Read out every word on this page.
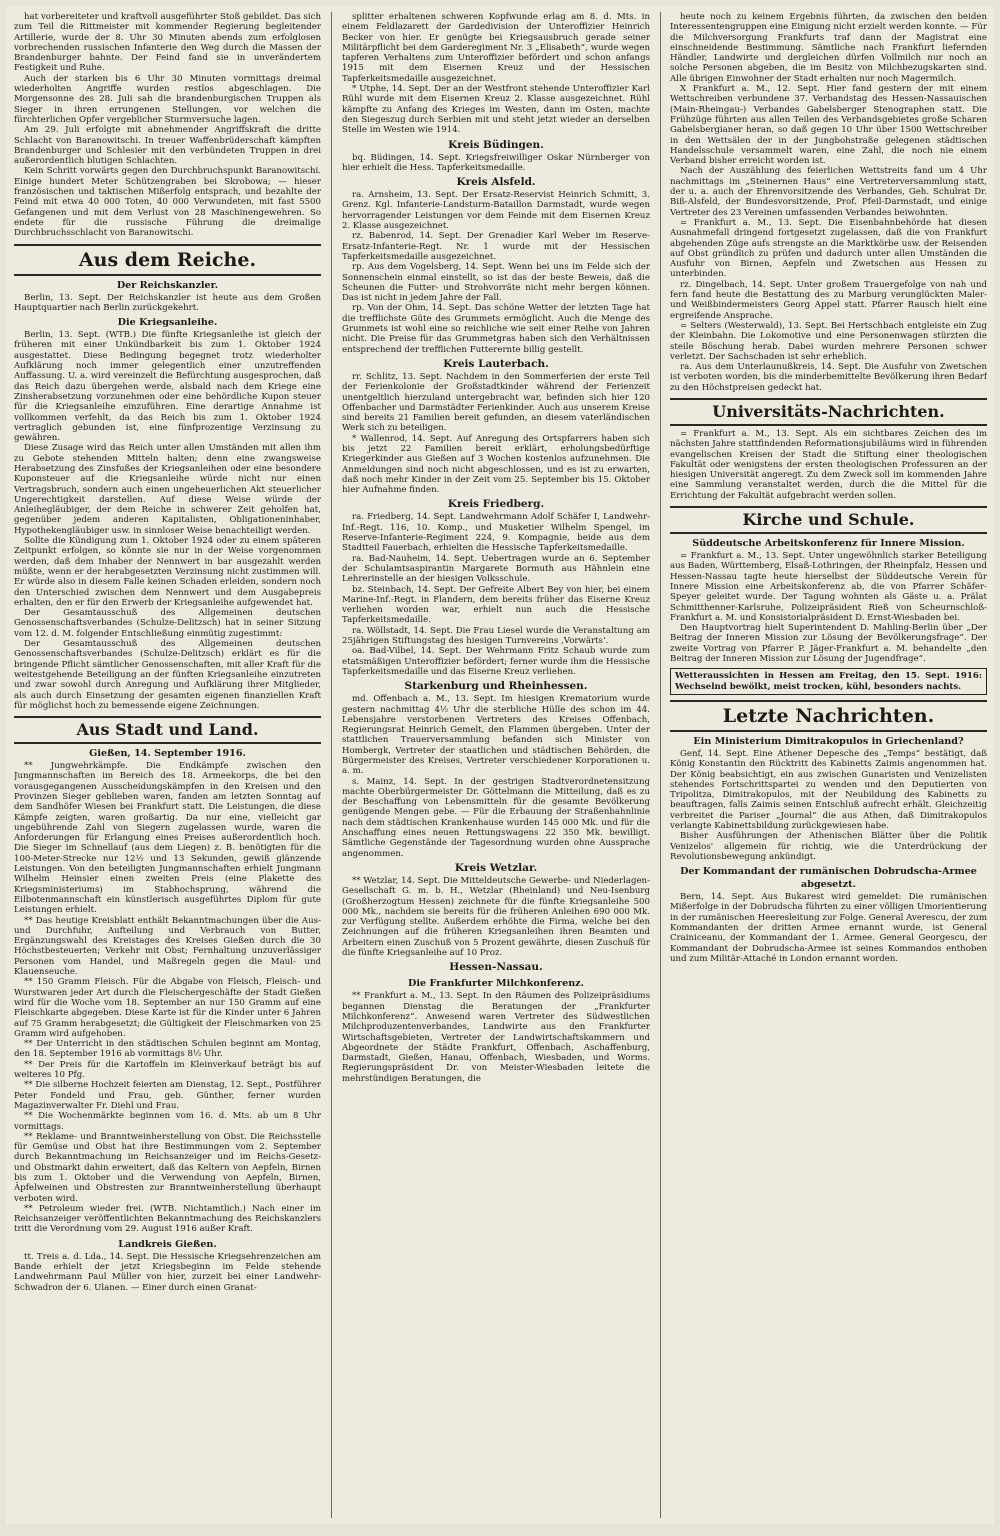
hat vorbereiteter und kraftvoll ausgeführter Stoß gebildet. Das sich zum Teil die Rittmeister mit kommender Regierung begleitender Artillerie, wurde der 8. Uhr 30 Minuten abends zum erfolglosen vorbrechenden russischen Infanterie den Weg durch die Massen der Brandenburger bahnte. Der Feind fand sie in unverändertem Festigkeit und Ruhe.

Auch der starken bis 6 Uhr 30 Minuten vormittags dreimal wiederholten Angriffe wurden restlos abgeschlagen. Die Morgensonne des 28. Juli sah die brandenburgischen Truppen als Sieger in ihren errungenen Stellungen, vor welchen die fürchterlichen Opfer vergeblicher Sturmversuche lagen.

Am 29. Juli erfolgte mit abnehmender Angriffskraft die dritte Schlacht von Baranowitschi. In treuer Waffenbrüderschaft kämpften Brandenburger und Schlesier mit den verbündeten Truppen in drei außerordentlich blutigen Schlachten.

Kein Schritt vorwärts gegen den Durchbruchspunkt Baranowitschi. Einige hundert Meter Schützengraben bei Skrobowa; — hieser französischen und taktischen Mißerfolg entsprach, und bezahlte der Feind mit etwa 40 000 Toten, 40 000 Verwundeten, mit fast 5500 Gefangenen und mit dem Verlust von 28 Maschinengewehren. So endete für die russische Führung die dreimalige Durchbruchsschlacht von Baranowitschi.

Aus dem Reiche.
Der Reichskanzler.

Berlin, 13. Sept. Der Reichskanzler ist heute aus dem Großen Hauptquartier nach Berlin zurückgekehrt.

Die Kriegsanleihe.

Berlin, 13. Sept. (WTB.) Die fünfte Kriegsanleihe ist gleich der früheren mit einer Unkündbarkeit bis zum 1. Oktober 1924 ausgestattet. Diese Bedingung begegnet trotz wiederholter Aufklärung noch immer gelegentlich einer unzutreffenden Auffassung. U. a. wird vereinzelt die Befürchtung ausgesprochen, daß das Reich dazu übergehen werde, alsbald nach dem Kriege eine Zinsherabsetzung vorzunehmen oder eine behördliche Kupon steuer für die Kriegsanleihe einzuführen. Eine derartige Annahme ist vollkommen verfehlt, da das Reich bis zum 1. Oktober 1924 vertraglich gebunden ist, eine fünfprozentige Verzinsung zu gewähren.

Diese Zusage wird das Reich unter allen Umständen mit allen ihm zu Gebote stehenden Mitteln halten; denn eine zwangsweise Herabsetzung des Zinsfußes der Kriegsanleihen oder eine besondere Kuponsteuer auf die Kriegsanleihe würde nicht nur einen Vertragsbruch, sondern auch einen ungeheuerlichen Akt steuerlicher Ungerechtigkeit darstellen. Auf diese Weise würde der Anleihegläubiger, der dem Reiche in schwerer Zeit geholfen hat, gegenüber jedem anderen Kapitalisten, Obligationeninhaber, Hypothekengläubiger usw. in sinnloser Weise benachteiligt werden.

Sollte die Kündigung zum 1. Oktober 1924 oder zu einem späteren Zeitpunkt erfolgen, so könnte sie nur in der Weise vorgenommen werden, daß dem Inhaber der Nennwert in bar ausgezahlt werden müßte, wenn er der herabgesetzten Verzinsung nicht zustimmen will. Er würde also in diesem Falle keinen Schaden erleiden, sondern noch den Unterschied zwischen dem Nennwert und dem Ausgabepreis erhalten, den er für den Erwerb der Kriegsanleihe aufgewendet hat.

Der Gesamtausschuß des Allgemeinen deutschen Genossenschaftsverbandes (Schulze-Delitzsch) hat in seiner Sitzung vom 12. d. M. folgender Entschließung einmütig zugestimmt:

Der Gesamtausschuß des Allgemeinen deutschen Genossenschaftsverbandes (Schulze-Delitzsch) erklärt es für die bringende Pflicht sämtlicher Genossenschaften, mit aller Kraft für die weitestgehende Beteiligung an der fünften Kriegsanleihe einzutreten und zwar sowohl durch Anregung und Aufklärung ihrer Mitglieder, als auch durch Einsetzung der gesamten eigenen finanziellen Kraft für möglichst hoch zu bemessende eigene Zeichnungen.

Aus Stadt und Land.
Gießen, 14. September 1916.

** Jungwehrkämpfe. Die Endkämpfe zwischen den Jungmannschaften im Bereich des 18. Armeekorps, die bei den vorausgegangenen Ausscheidungskämpfen in den Kreisen und den Provinzen Sieger geblieben waren, fanden am letzten Sonntag auf dem Sandhöfer Wiesen bei Frankfurt statt. Die Leistungen, die diese Kämpfe zeigten, waren großartig. Da nur eine, vielleicht gar ungebührende Zahl von Siegern zugelassen wurde, waren die Anforderungen für Erlangung eines Preises außerordentlich hoch. Die Sieger im Schnellauf (aus dem Liegen) z. B. benötigten für die 100-Meter-Strecke nur 12½ und 13 Sekunden, gewiß glänzende Leistungen. Von den beteiligten Jungmannschaften erhielt Jungmann Wilhelm Heinsier einen zweiten Preis (eine Plakette des Kriegsministeriums) im Stabhochsprung, während die Eilbotenmannschaft ein künstlerisch ausgeführtes Diplom für gute Leistungen erhielt.

** Das heutige Kreisblatt enthält Bekanntmachungen über die Aus- und Durchfuhr, Aufteilung und Verbrauch von Butter, Ergänzungswahl des Kreistages des Kreises Gießen durch die 30 Höchstbesteuerten; Verkehr mit Obst; Fernhaltung unzuverlässiger Personen vom Handel, und Maßregeln gegen die Maul- und Klauenseuche.

** 150 Gramm Fleisch. Für die Abgabe von Fleisch, Fleisch- und Wurstwaren jeder Art durch die Fleischergeschäfte der Stadt Gießen wird für die Woche vom 18. September an nur 150 Gramm auf eine Fleischkarte abgegeben. Diese Karte ist für die Kinder unter 6 Jahren auf 75 Gramm herabgesetzt; die Gültigkeit der Fleischmarken von 25 Gramm wird aufgehoben.

** Der Unterricht in den städtischen Schulen beginnt am Montag, den 18. September 1916 ab vormittags 8½ Uhr.

** Der Preis für die Kartoffeln im Kleinverkauf beträgt bis auf weiteres 10 Pfg.

** Die silberne Hochzeit feierten am Dienstag, 12. Sept., Postführer Peter Fondeld und Frau, geb. Günther, ferner wurden Magazinverwalter Fr. Diehl und Frau.

** Die Wochenmärkte beginnen vom 16. d. Mts. ab um 8 Uhr vormittags.

** Reklame- und Branntweinherstellung von Obst. Die Reichsstelle für Gemüse und Obst hat ihre Bestimmungen vom 2. September durch Bekanntmachung im Reichsanzeiger und im Reichs-Gesetz- und Obstmarkt dahin erweitert, daß das Keltern von Aepfeln, Birnen bis zum 1. Oktober und die Verwendung von Aepfeln, Birnen, Äpfelweinen und Obstresten zur Branntweinherstellung überhaupt verboten wird.

** Petroleum wieder frei. (WTB. Nichtamtlich.) Nach einer im Reichsanzeiger veröffentlichten Bekanntmachung des Reichskanzlers tritt die Verordnung vom 29. August 1916 außer Kraft.

Landkreis Gießen.

tt. Treis a. d. Lda., 14. Sept. Die Hessische Kriegsehrenzeichen am Bande erhielt der jetzt Kriegsbeginn im Felde stehende Landwehrmann Paul Müller von hier, zurzeit bei einer Landwehr-Schwadron der 6. Ulanen. — Einer durch einen Granat-

splitter erhaltenen schweren Kopfwunde erlag am 8. d. Mts. in einem Feldlazarett der Gardedivision der Unteroffizier Heinrich Becker von hier. Er genügte bei Kriegsausbruch gerade seiner Militärpflicht bei dem Garderegiment Nr. 3 „Elisabeth“, wurde wegen tapferen Verhaltens zum Unteroffizier befördert und schon anfangs 1915 mit dem Eisernen Kreuz und der Hessischen Tapferkeitsmedaille ausgezeichnet.

* Utphe, 14. Sept. Der an der Westfront stehende Unteroffizier Karl Rühl wurde mit dem Eisernen Kreuz 2. Klasse ausgezeichnet. Rühl kämpfte zu Anfang des Krieges im Westen, dann im Osten, machte den Siegeszug durch Serbien mit und steht jetzt wieder an derselben Stelle im Westen wie 1914.

Kreis Büdingen.

bq. Büdingen, 14. Sept. Kriegsfreiwilliger Oskar Nürnberger von hier erhielt die Hess. Tapferkeitsmedaille.

Kreis Alsfeld.

ra. Arnsheim, 13. Sept. Der Ersatz-Reservist Heinrich Schmitt, 3. Grenz. Kgl. Infanterie-Landsturm-Bataillon Darmstadt, wurde wegen hervorragender Leistungen vor dem Feinde mit dem Eisernen Kreuz 2. Klasse ausgezeichnet.

rz. Babenrod, 14. Sept. Der Grenadier Karl Weber im Reserve-Ersatz-Infanterie-Regt. Nr. 1 wurde mit der Hessischen Tapferkeitsmedaille ausgezeichnet.

rp. Aus dem Vogelsberg, 14. Sept. Wenn bei uns im Felde sich der Sonnenschein einmal einstellt, so ist das der beste Beweis, daß die Scheunen die Futter- und Strohvorräte nicht mehr bergen können. Das ist nicht in jedem Jahre der Fall.

rp. Von der Ohm, 14. Sept. Das schöne Wetter der letzten Tage hat die trefflichste Güte des Grummets ermöglicht. Auch die Menge des Grummets ist wohl eine so reichliche wie seit einer Reihe von Jahren nicht. Die Preise für das Grummetgras haben sich den Verhältnissen entsprechend der trefflichen Futterernte billig gestellt.

Kreis Lauterbach.

rr. Schlitz, 13. Sept. Nachdem in den Sommerferien der erste Teil der Ferienkolonie der Großstadtkinder während der Ferienzeit unentgeltlich hierzuland untergebracht war, befinden sich hier 120 Offenbacher und Darmstädter Ferienkinder. Auch aus unserem Kreise sind bereits 21 Familien bereit gefunden, an diesem vaterländischen Werk sich zu beteiligen.

* Wallenrod, 14. Sept. Auf Anregung des Ortspfarrers haben sich bis jetzt 22 Familien bereit erklärt, erholungsbedürftige Kriegerkinder aus Gießen auf 3 Wochen kostenlos aufzunehmen. Die Anmeldungen sind noch nicht abgeschlossen, und es ist zu erwarten, daß noch mehr Kinder in der Zeit vom 25. September bis 15. Oktober hier Aufnahme finden.

Kreis Friedberg.

ra. Friedberg, 14. Sept. Landwehrmann Adolf Schäfer I, Landwehr-Inf.-Regt. 116, 10. Komp., und Musketier Wilhelm Spengel, im Reserve-Infanterie-Regiment 224, 9. Kompagnie, beide aus dem Stadtteil Fauerbach, erhielten die Hessische Tapferkeitsmedaille.

ra. Bad-Nauheim, 14. Sept. Uebertragen wurde an 6. September der Schulamtsaspirantin Margarete Bormuth aus Hähnlein eine Lehrerinstelle an der hiesigen Volksschule.

bz. Steinbach, 14. Sept. Der Gefreite Albert Bey von hier, bei einem Marine-Inf.-Regt. in Flandern, dem bereits früher das Eiserne Kreuz verliehen worden war, erhielt nun auch die Hessische Tapferkeitsmedaille.

ra. Wöllstadt, 14. Sept. Die Frau Liesel wurde die Veranstaltung am 25jährigen Stiftungstag des hiesigen Turnvereins ‚Vorwärts‘.

oa. Bad-Vilbel, 14. Sept. Der Wehrmann Fritz Schaub wurde zum etatsmäßigen Unteroffizier befördert; ferner wurde ihm die Hessische Tapferkeitsmedaille und das Eiserne Kreuz verliehen.

Starkenburg und Rheinhessen.

md. Offenbach a. M., 13. Sept. Im hiesigen Krematorium wurde gestern nachmittag 4½ Uhr die sterbliche Hülle des schon im 44. Lebensjahre verstorbenen Vertreters des Kreises Offenbach, Regierungsrat Heinrich Gemelt, den Flammen übergeben. Unter der stattlichen Trauerversammlung befanden sich Minister von Hombergk, Vertreter der staatlichen und städtischen Behörden, die Bürgermeister des Kreises, Vertreter verschiedener Korporationen u. a. m.

s. Mainz, 14. Sept. In der gestrigen Stadtverordnetensitzung machte Oberbürgermeister Dr. Göttelmann die Mitteilung, daß es zu der Beschaffung von Lebensmitteln für die gesamte Bevölkerung genügende Mengen gebe. — Für die Erbauung der Straßenbahnlinie nach dem städtischen Krankenhause wurden 145 000 Mk. und für die Anschaffung eines neuen Rettungswagens 22 350 Mk. bewilligt. Sämtliche Gegenstände der Tagesordnung wurden ohne Aussprache angenommen.

Kreis Wetzlar.

** Wetzlar, 14. Sept. Die Mitteldeutsche Gewerbe- und Niederlagen-Gesellschaft G. m. b. H., Wetzlar (Rheinland) und Neu-Isenburg (Großherzogtum Hessen) zeichnete für die fünfte Kriegsanleihe 500 000 Mk., nachdem sie bereits für die früheren Anleihen 690 000 Mk. zur Verfügung stellte. Außerdem erhöhte die Firma, welche bei den Zeichnungen auf die früheren Kriegsanleihen ihren Beamten und Arbeitern einen Zuschuß von 5 Prozent gewährte, diesen Zuschuß für die fünfte Kriegsanleihe auf 10 Proz.

Hessen-Nassau.
Die Frankfurter Milchkonferenz.

** Frankfurt a. M., 13. Sept. In den Räumen des Polizeipräsidiums begannen Dienstag die Beratungen der „Frankfurter Milchkonferenz“. Anwesend waren Vertreter des Südwestlichen Milchproduzentenverbandes, Landwirte aus den Frankfurter Wirtschaftsgebieten, Vertreter der Landwirtschaftskammern und Abgeordnete der Städte Frankfurt, Offenbach, Aschaffenburg, Darmstadt, Gießen, Hanau, Offenbach, Wiesbaden, und Worms. Regierungspräsident Dr. von Meister-Wiesbaden leitete die mehrstündigen Beratungen, die

heute noch zu keinem Ergebnis führten, da zwischen den beiden Interessentengruppen eine Einigung nicht erzielt werden konnte. — Für die Milchversorgung Frankfurts traf dann der Magistrat eine einschneidende Bestimmung. Sämtliche nach Frankfurt liefernden Händler, Landwirte und dergleichen dürfen Vollmilch nur noch an solche Personen abgeben, die im Besitz von Milchbezugskarten sind. Alle übrigen Einwohner der Stadt erhalten nur noch Magermilch.

X Frankfurt a. M., 12. Sept. Hier fand gestern der mit einem Wettschreiben verbundene 37. Verbandstag des Hessen-Nassauischen (Main-Rheingau-) Verbandes Gabelsberger Stenographen statt. Die Frühzüge führten aus allen Teilen des Verbandsgebietes große Scharen Gabelsbergianer heran, so daß gegen 10 Uhr über 1500 Wettschreiber in den Wettsälen der in der Jungbohstraße gelegenen städtischen Handelsschule versammelt waren, eine Zahl, die noch nie einem Verband bisher erreicht worden ist.

Nach der Auszählung des feierlichen Wettstreits fand um 4 Uhr nachmittags im „Steinernen Haus“ eine Vertreterversammlung statt, der u. a. auch der Ehrenvorsitzende des Verbandes, Geh. Schulrat Dr. Biß-Alsfeld, der Bundesvorsitzende, Prof. Pfeil-Darmstadt, und einige Vertreter des 23 Vereinen umfassenden Verbandes beiwohnten.

= Frankfurt a. M., 13. Sept. Die Eisenbahnbehörde hat diesen Ausnahmefall dringend fortgesetzt zugelassen, daß die von Frankfurt abgehenden Züge aufs strengste an die Marktkörbe usw. der Reisenden auf Obst gründlich zu prüfen und dadurch unter allen Umständen die Ausfuhr von Birnen, Aepfeln und Zwetschen aus Hessen zu unterbinden.

rz. Dingelbach, 14. Sept. Unter großem Trauergefolge von nah und fern fand heute die Bestattung des zu Marburg verunglückten Maler- und Weißbindermeisters Georg Appel statt. Pfarrer Rausch hielt eine ergreifende Ansprache.

= Selters (Westerwald), 13. Sept. Bei Hertschbach entgleiste ein Zug der Kleinbahn. Die Lokomotive und eine Personenwagen stürzten die steile Böschung herab. Dabei wurden mehrere Personen schwer verletzt. Der Sachschaden ist sehr erheblich.

ra. Aus dem Unterlaunußkreis, 14. Sept. Die Ausfuhr von Zwetschen ist verboten worden, bis die minderbemittelte Bevölkerung ihren Bedarf zu den Höchstpreisen gedeckt hat.

Universitäts-Nachrichten.

= Frankfurt a. M., 13. Sept. Als ein sichtbares Zeichen des im nächsten Jahre stattfindenden Reformationsjubiläums wird in führenden evangelischen Kreisen der Stadt die Stiftung einer theologischen Fakultät oder wenigstens der ersten theologischen Professuren an der hiesigen Universität angeregt. Zu dem Zweck soll im kommenden Jahre eine Sammlung veranstaltet werden, durch die die Mittel für die Errichtung der Fakultät aufgebracht werden sollen.

Kirche und Schule.
Süddeutsche Arbeitskonferenz für Innere Mission.

= Frankfurt a. M., 13. Sept. Unter ungewöhnlich starker Beteiligung aus Baden, Württemberg, Elsaß-Lothringen, der Rheinpfalz, Hessen und Hessen-Nassau tagte heute hierselbst der Süddeutsche Verein für Innere Mission eine Arbeitskonferenz ab, die von Pfarrer Schäfer-Speyer geleitet wurde. Der Tagung wohnten als Gäste u. a. Prälat Schmitthenner-Karlsruhe, Polizeipräsident Rieß von Scheurnschloß-Frankfurt a. M. und Konsistorialpräsident D. Ernst-Wiesbaden bei.

Den Hauptvortrag hielt Superintendent D. Mahling-Berlin über „Der Beitrag der Inneren Mission zur Lösung der Bevölkerungsfrage“. Der zweite Vortrag von Pfarrer P. Jäger-Frankfurt a. M. behandelte „den Beitrag der Inneren Mission zur Lösung der Jugendfrage“.

Wetteraussichten in Hessen am Freitag, den 15. Sept. 1916: Wechselnd bewölkt, meist trocken, kühl, besonders nachts.
Letzte Nachrichten.
Ein Ministerium Dimitrakopulos in Griechenland?

Genf, 14. Sept. Eine Athener Depesche des „Temps“ bestätigt, daß König Konstantin den Rücktritt des Kabinetts Zaimis angenommen hat. Der König beabsichtigt, ein aus zwischen Gunaristen und Venizelisten stehendes Fortschrittspartei zu wenden und den Deputierten von Tripolitza, Dimitrakopulos, mit der Neubildung des Kabinetts zu beauftragen, falls Zaimis seinen Entschluß aufrecht erhält. Gleichzeitig verbreitet die Pariser „Journal“ die aus Athen, daß Dimitrakopulos verlangte Kabinettsbildung zurückgewiesen habe.

Bisher Ausführungen der Athenischen Blätter über die Politik Venizelos' allgemein für richtig, wie die Unterdrückung der Revolutionsbewegung ankündigt.

Der Kommandant der rumänischen Dobrudscha-Armee abgesetzt.

Bern, 14. Sept. Aus Bukarest wird gemeldet: Die rumänischen Mißerfolge in der Dobrudscha führten zu einer völligen Umorientierung in der rumänischen Heeresleitung zur Folge. General Averescu, der zum Kommandanten der dritten Armee ernannt wurde, ist General Crainiceanu, der Kommandant der 1. Armee. General Georgescu, der Kommandant der Dobrudscha-Armee ist seines Kommandos enthoben und zum Militär-Attaché in London ernannt worden.
